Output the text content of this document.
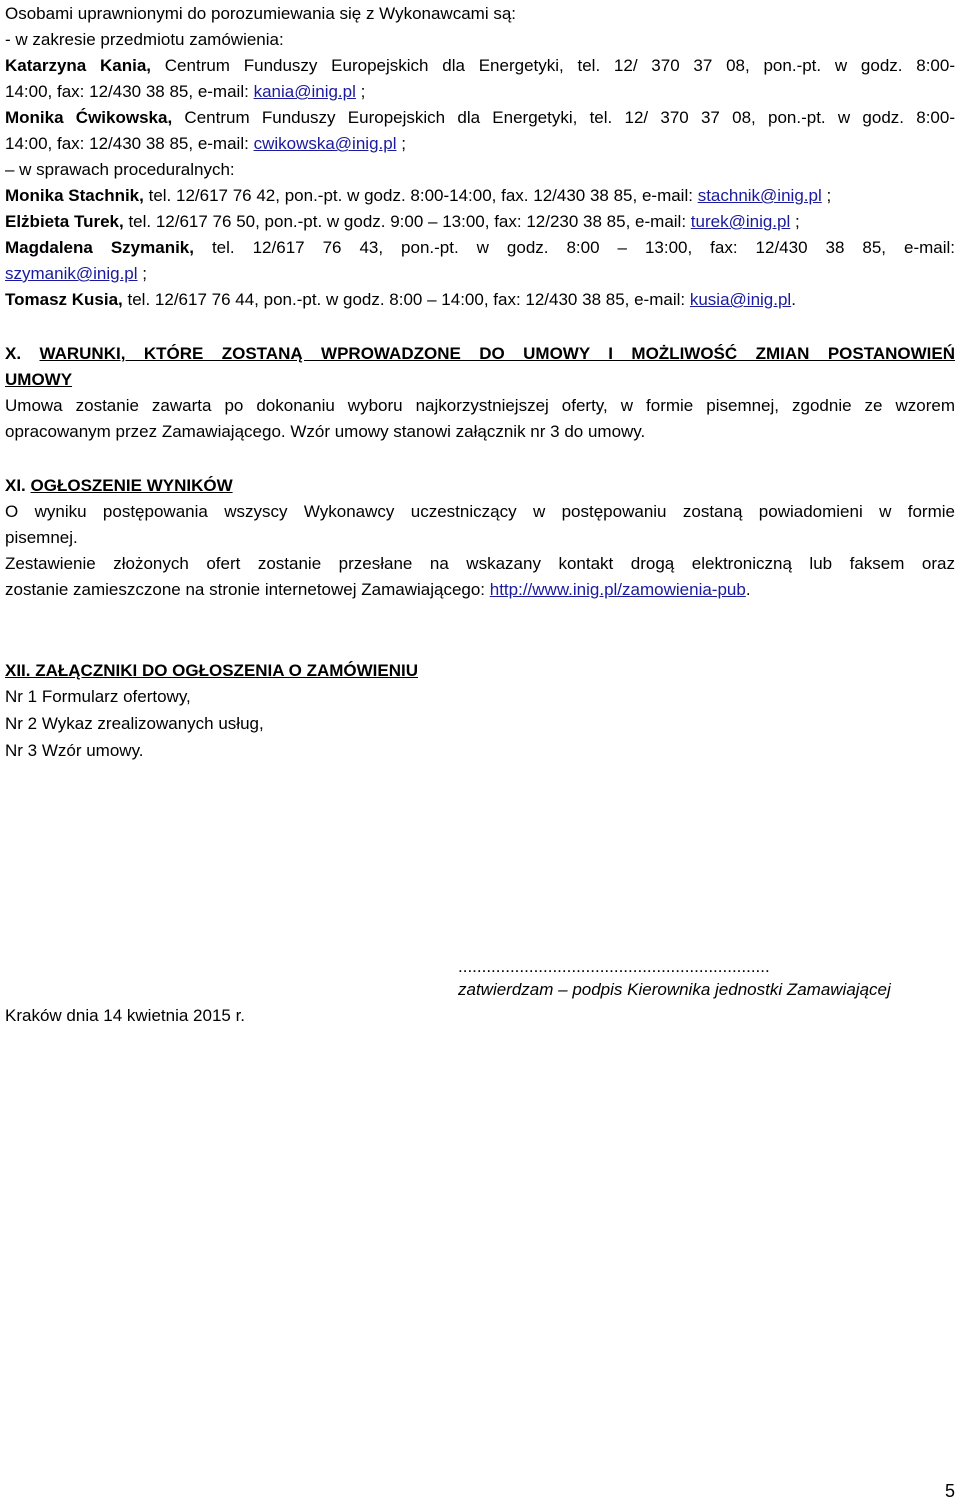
Osobami uprawnionymi do porozumiewania się z Wykonawcami są:
- w zakresie przedmiotu zamówienia:
Katarzyna Kania, Centrum Funduszy Europejskich dla Energetyki, tel. 12/ 370 37 08, pon.-pt. w godz. 8:00-
14:00, fax: 12/430 38 85, e-mail: kania@inig.pl ;
Monika Ćwikowska, Centrum Funduszy Europejskich dla Energetyki, tel. 12/ 370 37 08, pon.-pt. w godz. 8:00-
14:00, fax: 12/430 38 85, e-mail: cwikowska@inig.pl ;
– w sprawach proceduralnych:
Monika Stachnik, tel. 12/617 76 42, pon.-pt. w godz. 8:00-14:00, fax. 12/430 38 85, e-mail: stachnik@inig.pl ;
Elżbieta Turek, tel. 12/617 76 50, pon.-pt. w godz. 9:00 – 13:00, fax: 12/230 38 85, e-mail: turek@inig.pl ;
Magdalena Szymanik, tel. 12/617 76 43, pon.-pt. w godz. 8:00 – 13:00, fax: 12/430 38 85, e-mail:
szymanik@inig.pl ;
Tomasz Kusia, tel. 12/617 76 44, pon.-pt. w godz. 8:00 – 14:00, fax: 12/430 38 85, e-mail: kusia@inig.pl.
X. WARUNKI, KTÓRE ZOSTANĄ WPROWADZONE DO UMOWY I MOŻLIWOŚĆ ZMIAN POSTANOWIEŃ
UMOWY
Umowa zostanie zawarta po dokonaniu wyboru najkorzystniejszej oferty, w formie pisemnej, zgodnie ze wzorem
opracowanym przez Zamawiającego. Wzór umowy stanowi załącznik nr 3 do umowy.
XI. OGŁOSZENIE WYNIKÓW
O wyniku postępowania wszyscy Wykonawcy uczestniczący w postępowaniu zostaną powiadomieni w formie
pisemnej.
Zestawienie złożonych ofert zostanie przesłane na wskazany kontakt drogą elektroniczną lub faksem oraz
zostanie zamieszczone na stronie internetowej Zamawiającego: http://www.inig.pl/zamowienia-pub.
XII. ZAŁĄCZNIKI DO OGŁOSZENIA O ZAMÓWIENIU
Nr 1 Formularz ofertowy,
Nr 2 Wykaz zrealizowanych usług,
Nr 3 Wzór umowy.
Kraków dnia 14 kwietnia 2015 r.
..................................................................
zatwierdzam – podpis Kierownika jednostki Zamawiającej
5
